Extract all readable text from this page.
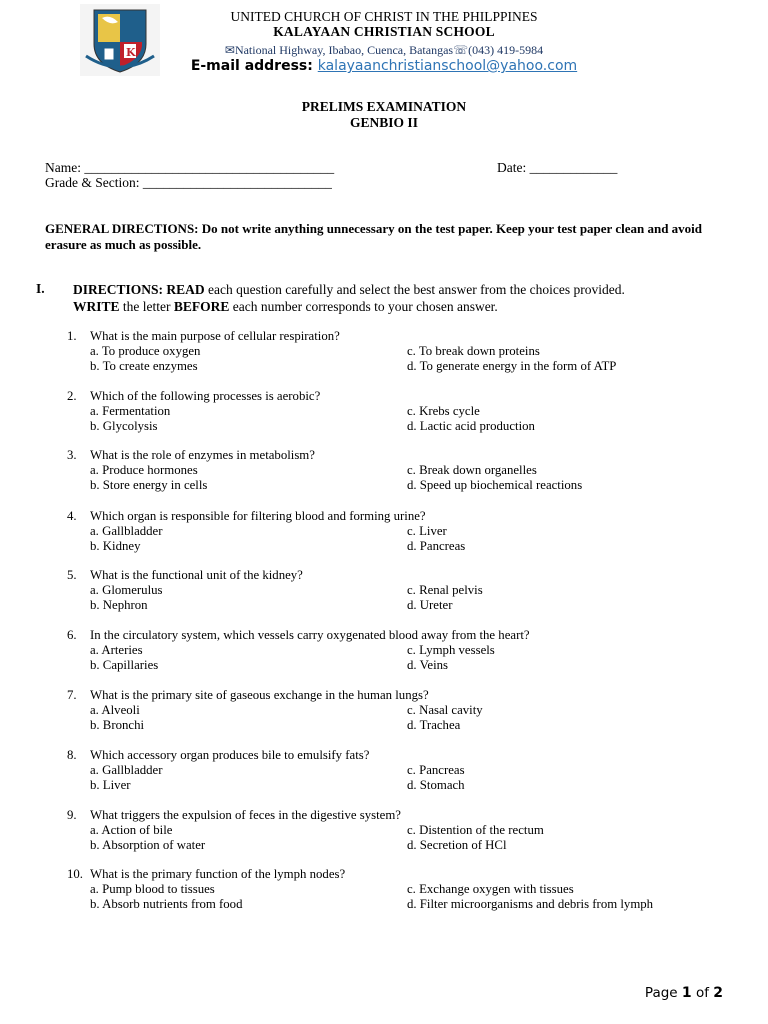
K
UNITED CHURCH OF CHRIST IN THE PHILPPINES
KALAYAAN CHRISTIAN SCHOOL
✉National Highway, Ibabao, Cuenca, Batangas☏(043) 419-5984
E-mail address: kalayaanchristianschool@yahoo.com
PRELIMS EXAMINATION
GENBIO II
Name: _____________________________________	Date: _____________
Grade & Section: ____________________________
GENERAL DIRECTIONS: Do not write anything unnecessary on the test paper. Keep your test paper clean and avoid erasure as much as possible.
I. DIRECTIONS: READ each question carefully and select the best answer from the choices provided.
WRITE the letter BEFORE each number corresponds to your chosen answer.
1. What is the main purpose of cellular respiration?
a. To produce oxygen
b. To create enzymes
c. To break down proteins
d. To generate energy in the form of ATP
2. Which of the following processes is aerobic?
a. Fermentation
b. Glycolysis
c. Krebs cycle
d. Lactic acid production
3. What is the role of enzymes in metabolism?
a. Produce hormones
b. Store energy in cells
c. Break down organelles
d. Speed up biochemical reactions
4. Which organ is responsible for filtering blood and forming urine?
a. Gallbladder
b. Kidney
c. Liver
d. Pancreas
5. What is the functional unit of the kidney?
a. Glomerulus
b. Nephron
c. Renal pelvis
d. Ureter
6. In the circulatory system, which vessels carry oxygenated blood away from the heart?
a. Arteries
b. Capillaries
c. Lymph vessels
d. Veins
7. What is the primary site of gaseous exchange in the human lungs?
a. Alveoli
b. Bronchi
c. Nasal cavity
d. Trachea
8. Which accessory organ produces bile to emulsify fats?
a. Gallbladder
b. Liver
c. Pancreas
d. Stomach
9. What triggers the expulsion of feces in the digestive system?
a. Action of bile
b. Absorption of water
c. Distention of the rectum
d. Secretion of HCl
10. What is the primary function of the lymph nodes?
a. Pump blood to tissues
b. Absorb nutrients from food
c. Exchange oxygen with tissues
d. Filter microorganisms and debris from lymph
Page 1 of 2
